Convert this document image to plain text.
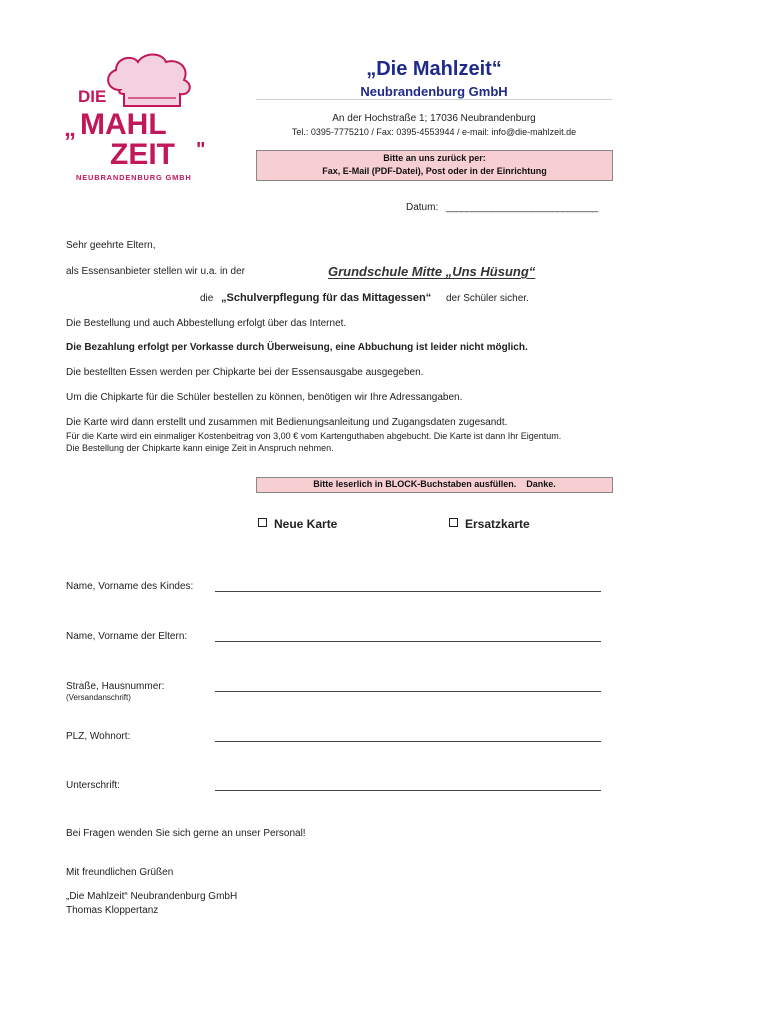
DIE
„ MAHL
ZEIT "
NEUBRANDENBURG GMBH
„Die Mahlzeit“
Neubrandenburg GmbH
An der Hochstraße 1; 17036 Neubrandenburg
Tel.: 0395-7775210 / Fax: 0395-4553944 / e-mail: info@die-mahlzeit.de
Bitte an uns zurück per:
Fax, E-Mail (PDF-Datei), Post oder in der Einrichtung
Datum: ______________________________
Sehr geehrte Eltern,
als Essensanbieter stellen wir u.a. in der	Grundschule Mitte „Uns Hüsung“
die „Schulverpflegung für das Mittagessen“ der Schüler sicher.
Die Bestellung und auch Abbestellung erfolgt über das Internet.
Die Bezahlung erfolgt per Vorkasse durch Überweisung, eine Abbuchung ist leider nicht möglich.
Die bestellten Essen werden per Chipkarte bei der Essensausgabe ausgegeben.
Um die Chipkarte für die Schüler bestellen zu können, benötigen wir Ihre Adressangaben.
Die Karte wird dann erstellt und zusammen mit Bedienungsanleitung und Zugangsdaten zugesandt.
Für die Karte wird ein einmaliger Kostenbeitrag von 3,00 € vom Kartenguthaben abgebucht. Die Karte ist dann Ihr Eigentum.
Die Bestellung der Chipkarte kann einige Zeit in Anspruch nehmen.
Bitte leserlich in BLOCK-Buchstaben ausfüllen.    Danke.
Neue Karte	Ersatzkarte
Name, Vorname des Kindes:
Name, Vorname der Eltern:
Straße, Hausnummer:
(Versandanschrift)
PLZ, Wohnort:
Unterschrift:
Bei Fragen wenden Sie sich gerne an unser Personal!
Mit freundlichen Grüßen
„Die Mahlzeit“ Neubrandenburg GmbH
Thomas Kloppertanz
